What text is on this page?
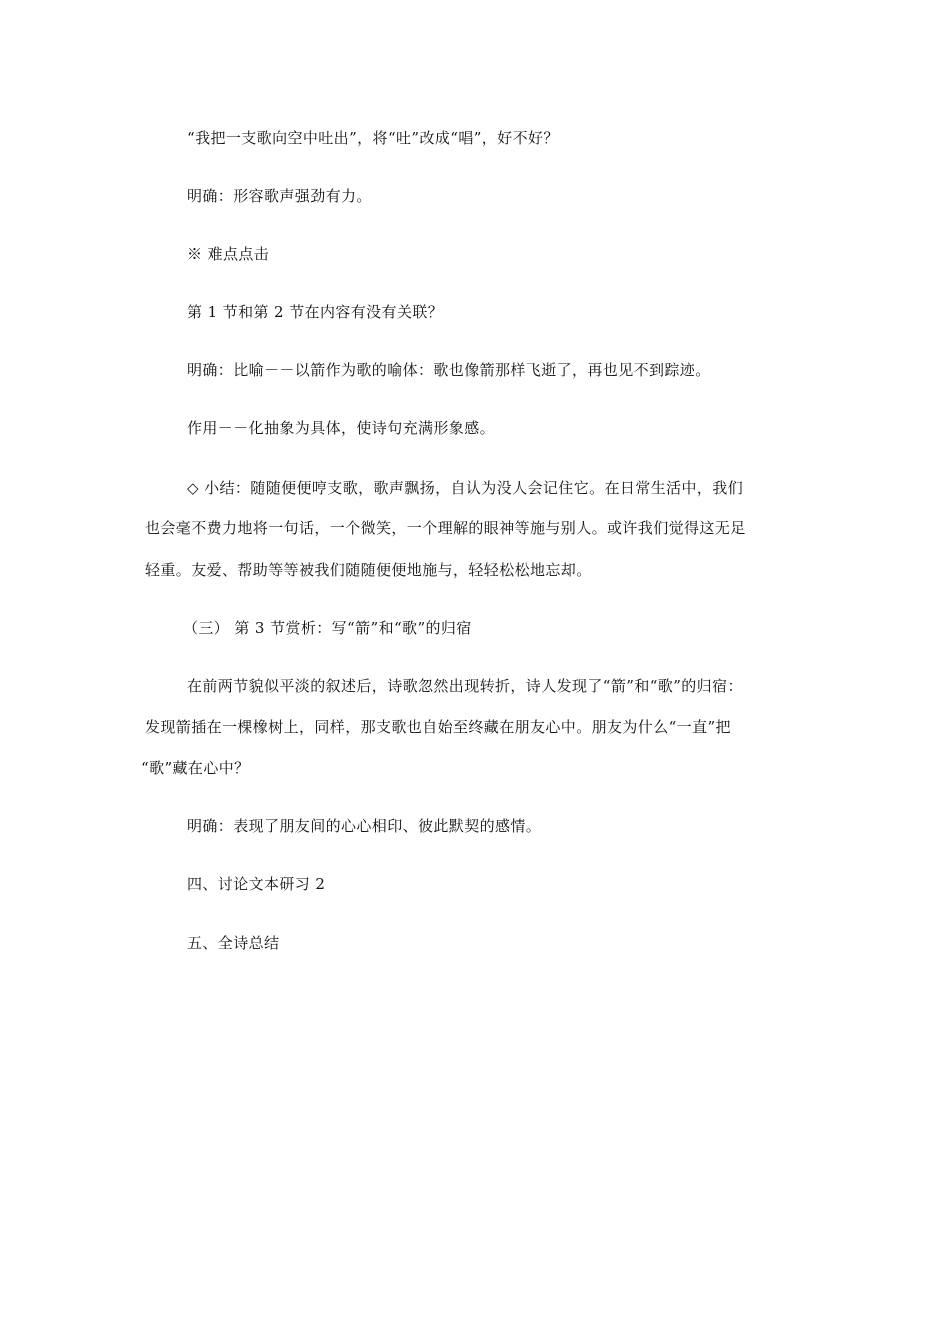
“我把一支歌向空中吐出”，将“吐”改成“唱”，好不好？
明确：形容歌声强劲有力。
※ 难点点击
第 1 节和第 2 节在内容有没有关联？
明确：比喻－－以箭作为歌的喻体：歌也像箭那样飞逝了，再也见不到踪迹。
作用－－化抽象为具体，使诗句充满形象感。
◇ 小结：随随便便哼支歌，歌声飘扬，自认为没人会记住它。在日常生活中，我们
也会毫不费力地将一句话，一个微笑，一个理解的眼神等施与别人。或许我们觉得这无足
轻重。友爱、帮助等等被我们随随便便地施与，轻轻松松地忘却。
（三） 第 3 节赏析：写“箭”和“歌”的归宿
在前两节貌似平淡的叙述后，诗歌忽然出现转折，诗人发现了“箭”和“歌”的归宿：
发现箭插在一棵橡树上，同样，那支歌也自始至终藏在朋友心中。朋友为什么“一直”把
“歌”藏在心中？
明确：表现了朋友间的心心相印、彼此默契的感情。
四、讨论文本研习 2
五、全诗总结
